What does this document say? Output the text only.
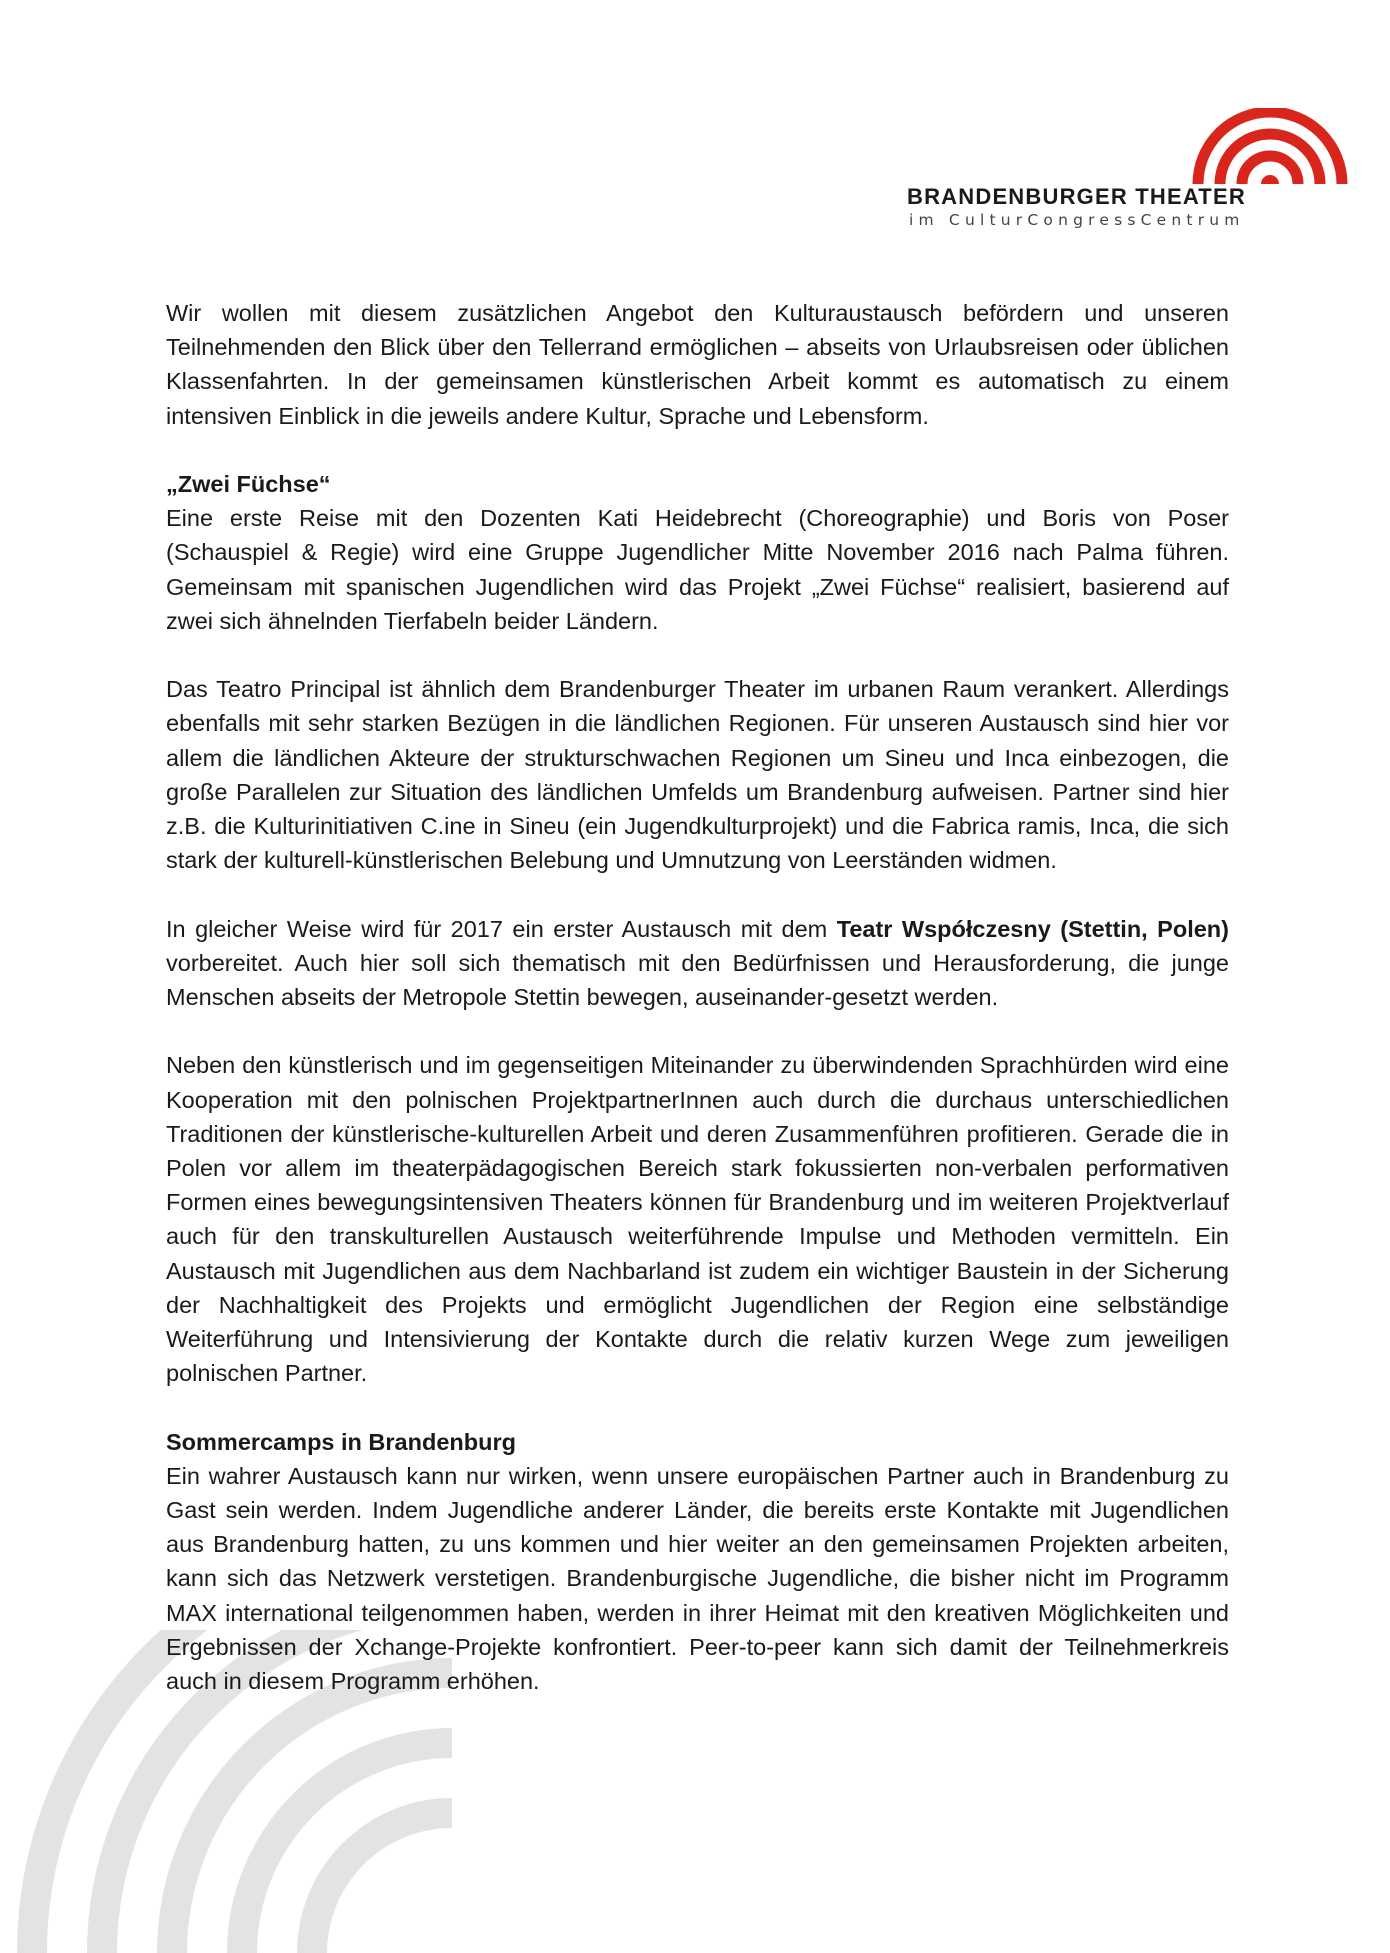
BRANDENBURGER THEATER
im CulturCongressCentrum

Wir wollen mit diesem zusätzlichen Angebot den Kulturaustausch befördern und unseren Teilnehmenden den Blick über den Tellerrand ermöglichen – abseits von Urlaubsreisen oder üblichen Klassenfahrten. In der gemeinsamen künstlerischen Arbeit kommt es automatisch zu einem intensiven Einblick in die jeweils andere Kultur, Sprache und Lebensform.

„Zwei Füchse“

Eine erste Reise mit den Dozenten Kati Heidebrecht (Choreographie) und Boris von Poser (Schauspiel & Regie) wird eine Gruppe Jugendlicher Mitte November 2016 nach Palma führen. Gemeinsam mit spanischen Jugendlichen wird das Projekt „Zwei Füchse“ realisiert, basierend auf zwei sich ähnelnden Tierfabeln beider Ländern.

Das Teatro Principal ist ähnlich dem Brandenburger Theater im urbanen Raum verankert. Allerdings ebenfalls mit sehr starken Bezügen in die ländlichen Regionen. Für unseren Austausch sind hier vor allem die ländlichen Akteure der strukturschwachen Regionen um Sineu und Inca einbezogen, die große Parallelen zur Situation des ländlichen Umfelds um Brandenburg aufweisen. Partner sind hier z.B. die Kulturinitiativen C.ine in Sineu (ein Jugendkulturprojekt) und die Fabrica ramis, Inca, die sich stark der kulturell-künstlerischen Belebung und Umnutzung von Leerständen widmen.

In gleicher Weise wird für 2017 ein erster Austausch mit dem Teatr Współczesny (Stettin, Polen) vorbereitet. Auch hier soll sich thematisch mit den Bedürfnissen und Herausforderung, die junge Menschen abseits der Metropole Stettin bewegen, auseinander-gesetzt werden.

Neben den künstlerisch und im gegenseitigen Miteinander zu überwindenden Sprachhürden wird eine Kooperation mit den polnischen ProjektpartnerInnen auch durch die durchaus unterschiedlichen Traditionen der künstlerische-kulturellen Arbeit und deren Zusammenführen profitieren. Gerade die in Polen vor allem im theaterpädagogischen Bereich stark fokussierten non-verbalen performativen Formen eines bewegungsintensiven Theaters können für Brandenburg und im weiteren Projektverlauf auch für den transkulturellen Austausch weiterführende Impulse und Methoden vermitteln. Ein Austausch mit Jugendlichen aus dem Nachbarland ist zudem ein wichtiger Baustein in der Sicherung der Nachhaltigkeit des Projekts und ermöglicht Jugendlichen der Region eine selbständige Weiterführung und Intensivierung der Kontakte durch die relativ kurzen Wege zum jeweiligen polnischen Partner.

Sommercamps in Brandenburg

Ein wahrer Austausch kann nur wirken, wenn unsere europäischen Partner auch in Brandenburg zu Gast sein werden. Indem Jugendliche anderer Länder, die bereits erste Kontakte mit Jugendlichen aus Brandenburg hatten, zu uns kommen und hier weiter an den gemeinsamen Projekten arbeiten, kann sich das Netzwerk verstetigen. Brandenburgische Jugendliche, die bisher nicht im Programm MAX international teilgenommen haben, werden in ihrer Heimat mit den kreativen Möglichkeiten und Ergebnissen der Xchange-Projekte konfrontiert. Peer-to-peer kann sich damit der Teilnehmerkreis auch in diesem Programm erhöhen.
